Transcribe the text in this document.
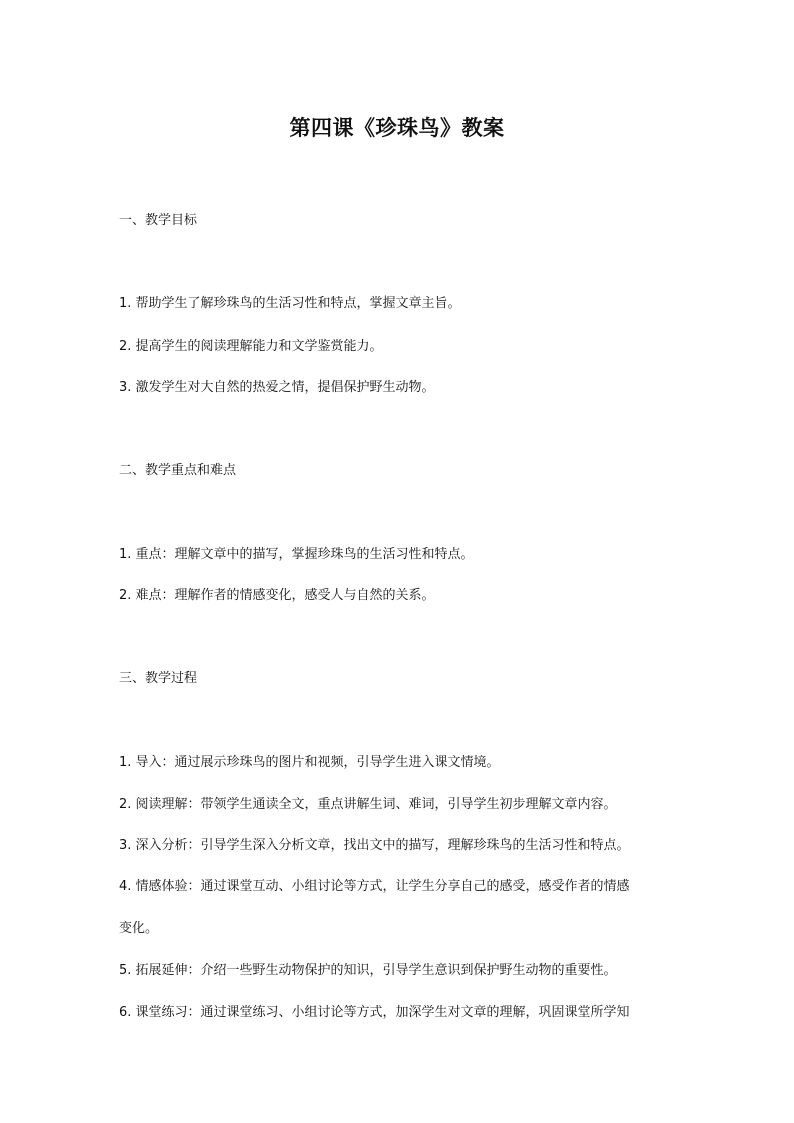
第四课《珍珠鸟》教案
一、教学目标
1. 帮助学生了解珍珠鸟的生活习性和特点，掌握文章主旨。
2. 提高学生的阅读理解能力和文学鉴赏能力。
3. 激发学生对大自然的热爱之情，提倡保护野生动物。
二、教学重点和难点
1. 重点：理解文章中的描写，掌握珍珠鸟的生活习性和特点。
2. 难点：理解作者的情感变化，感受人与自然的关系。
三、教学过程
1. 导入：通过展示珍珠鸟的图片和视频，引导学生进入课文情境。
2. 阅读理解：带领学生通读全文，重点讲解生词、难词，引导学生初步理解文章内容。
3. 深入分析：引导学生深入分析文章，找出文中的描写，理解珍珠鸟的生活习性和特点。
4. 情感体验：通过课堂互动、小组讨论等方式，让学生分享自己的感受，感受作者的情感
变化。
5. 拓展延伸：介绍一些野生动物保护的知识，引导学生意识到保护野生动物的重要性。
6. 课堂练习：通过课堂练习、小组讨论等方式，加深学生对文章的理解，巩固课堂所学知
